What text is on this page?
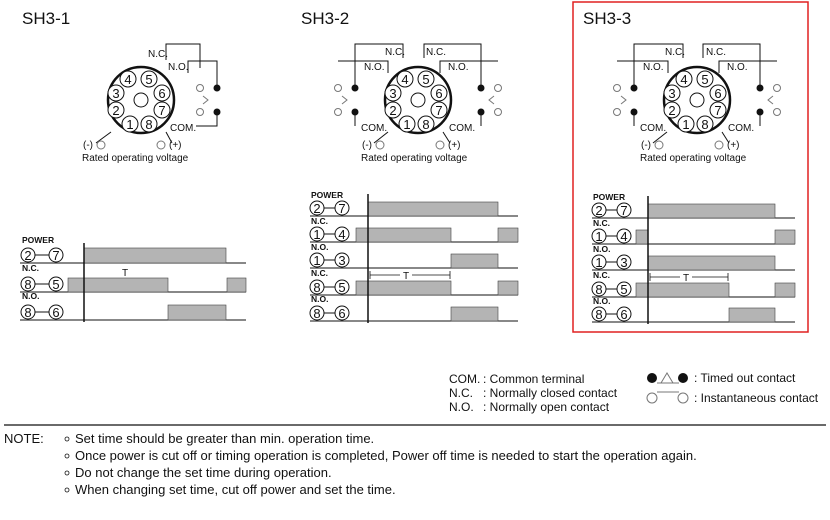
SH3-1
N.C.
N.O.
4 5
3	6
2	7
1 8 COM.
(-)	(+)
Rated operating voltage
POWER
2 7
N.C.
8 5
T
N.O.
8 6
SH3-2
N.C. N.C.
N.O.	N.O.
4 5
3	6
2	7
1 8
COM.	COM.
(-)	(+)
Rated operating voltage
POWER
2 7
N.C.
1 4
N.O.
1 3
N.C.
8 5
T
N.O.
8 6
SH3-3
N.C. N.C.
N.O.	N.O.
4 5
3	6
2	7
1 8
COM.	COM.
(-)	(+)
Rated operating voltage
POWER
2 7
N.C.
1 4
N.O.
1 3
N.C.
8 5
T
N.O.
8 6
COM. : Common terminal
N.C. : Normally closed contact
N.O. : Normally open contact
: Timed out contact
: Instantaneous contact
NOTE: Set time should be greater than min. operation time.
Once power is cut off or timing operation is completed, Power off time is needed to start the operation again.
Do not change the set time during operation.
When changing set time, cut off power and set the time.
